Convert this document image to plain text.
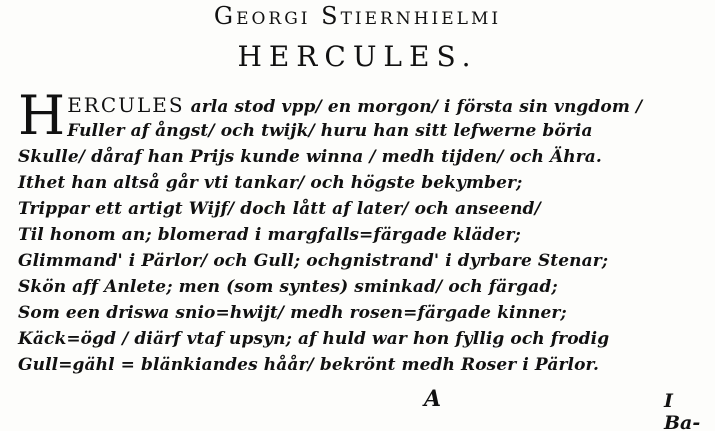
Georgi Stiernhielmi
HERCULES.
HERCULES arla stod vpp/ en morgon/ i första sin vngdom /
Fuller af ångst/ och twijk/ huru han sitt lefwerne böria
Skulle/ dåraf han Prijs kunde winna / medh tijden/ och Ähra.
Ithet han altså går vti tankar/ och högste bekymber;
Trippar ett artigt Wijf/ doch lått af later/ och anseend/
Til honom an; blomerad i margfalls=färgade kläder;
Glimmand' i Pärlor/ och Gull; ochgnistrand' i dyrbare Stenar;
Skön aff Anlete; men (som syntes) sminkad/ och färgad;
Som een driswa snio=hwijt/ medh rosen=färgade kinner;
Käck=ögd / diärf vtaf upsyn; af huld war hon fyllig och frodig
Gull=gähl = blänkiandes håår/ bekrönt medh Roser i Pärlor.
A	I Ba-
